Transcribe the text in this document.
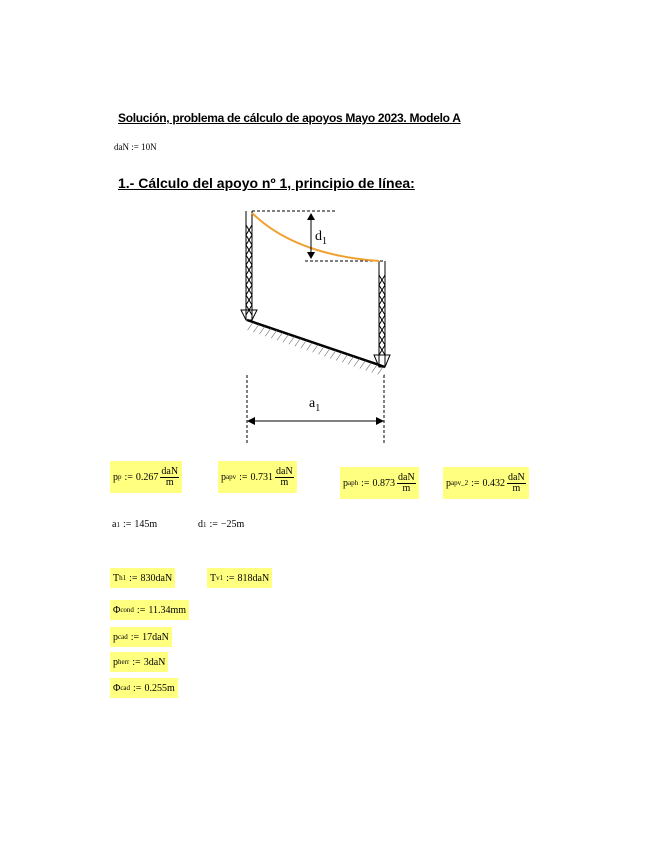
Solución, problema de cálculo de apoyos Mayo 2023. Modelo A
daN := 10N
1.- Cálculo del apoyo nº 1, principio de línea:
$d_1$
$a_1$
p p := $0.267 \frac{\text{daN}}{m}$	p apv := $0.731 \frac{\text{daN}}{m}$	p aph := $0.873 \frac{\text{daN}}{m}$	p apv_2 := $0.432 \frac{\text{daN}}{m}$
a 1 := 145m	d 1 := −25m
T h1 := 830daN	T v1 := 818daN
Φ cond := 11.34mm
p cad := 17daN
p herr := 3daN
Φ cad := 0.255m
